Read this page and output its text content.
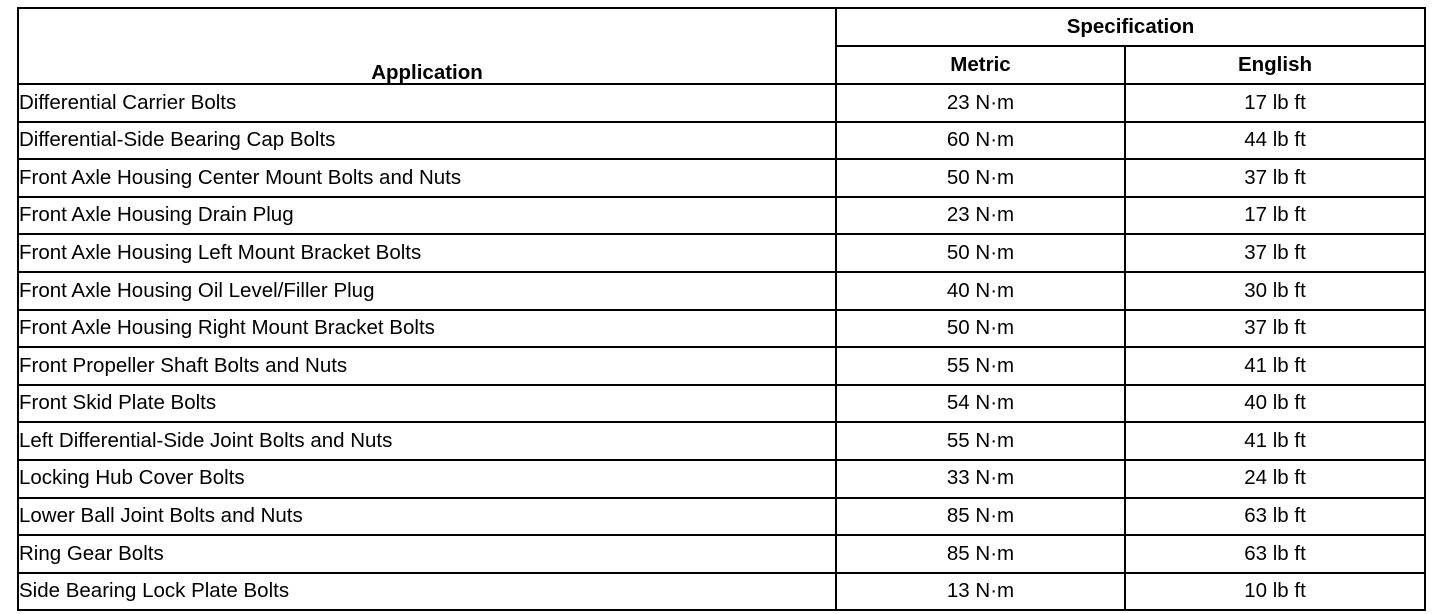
Application	Specification	
	Metric	English
Differential Carrier Bolts	23 N·m	17 lb ft
Differential-Side Bearing Cap Bolts	60 N·m	44 lb ft
Front Axle Housing Center Mount Bolts and Nuts	50 N·m	37 lb ft
Front Axle Housing Drain Plug	23 N·m	17 lb ft
Front Axle Housing Left Mount Bracket Bolts	50 N·m	37 lb ft
Front Axle Housing Oil Level/Filler Plug	40 N·m	30 lb ft
Front Axle Housing Right Mount Bracket Bolts	50 N·m	37 lb ft
Front Propeller Shaft Bolts and Nuts	55 N·m	41 lb ft
Front Skid Plate Bolts	54 N·m	40 lb ft
Left Differential-Side Joint Bolts and Nuts	55 N·m	41 lb ft
Locking Hub Cover Bolts	33 N·m	24 lb ft
Lower Ball Joint Bolts and Nuts	85 N·m	63 lb ft
Ring Gear Bolts	85 N·m	63 lb ft
Side Bearing Lock Plate Bolts	13 N·m	10 lb ft
